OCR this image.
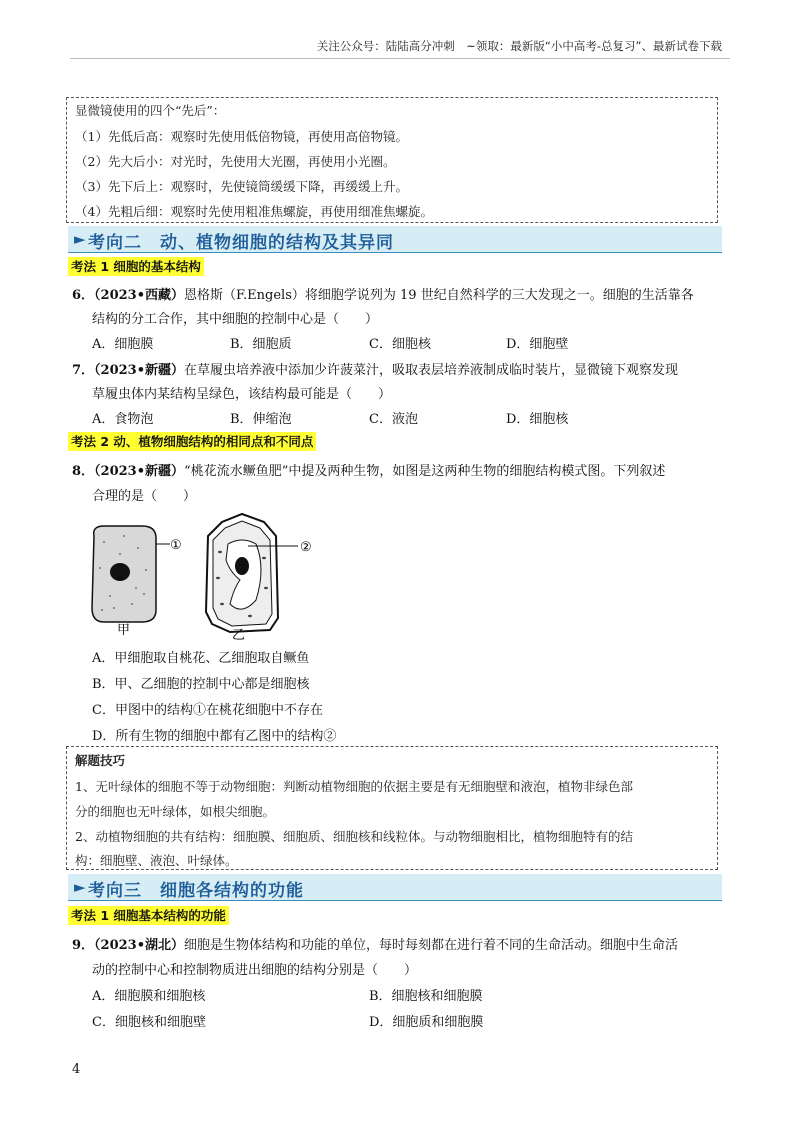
关注公众号：陆陆高分冲刺　~领取：最新版“小中高考-总复习”、最新试卷下载
显微镜使用的四个“先后”：
（1）先低后高：观察时先使用低倍物镜，再使用高倍物镜。
（2）先大后小：对光时，先使用大光圈，再使用小光圈。
（3）先下后上：观察时，先使镜筒缓缓下降，再缓缓上升。
（4）先粗后细：观察时先使用粗准焦螺旋，再使用细准焦螺旋。
► 考向二　动、植物细胞的结构及其异同
考法 1 细胞的基本结构
6．（2023•西藏）恩格斯（F.Engels）将细胞学说列为 19 世纪自然科学的三大发现之一。细胞的生活靠各
结构的分工合作，其中细胞的控制中心是（　　）
A．细胞膜	B．细胞质	C．细胞核	D．细胞壁
7．（2023•新疆）在草履虫培养液中添加少许菠菜汁，吸取表层培养液制成临时装片，显微镜下观察发现
草履虫体内某结构呈绿色，该结构最可能是（　　）
A．食物泡	B．伸缩泡	C．液泡	D．细胞核
考法 2 动、植物细胞结构的相同点和不同点
8．（2023•新疆）“桃花流水鳜鱼肥”中提及两种生物，如图是这两种生物的细胞结构模式图。下列叙述
合理的是（　　）
①	②
甲	乙
A．甲细胞取自桃花、乙细胞取自鳜鱼
B．甲、乙细胞的控制中心都是细胞核
C．甲图中的结构①在桃花细胞中不存在
D．所有生物的细胞中都有乙图中的结构②
解题技巧
1、无叶绿体的细胞不等于动物细胞：判断动植物细胞的依据主要是有无细胞壁和液泡，植物非绿色部
分的细胞也无叶绿体，如根尖细胞。
2、动植物细胞的共有结构：细胞膜、细胞质、细胞核和线粒体。与动物细胞相比，植物细胞特有的结
构：细胞壁、液泡、叶绿体。
► 考向三　细胞各结构的功能
考法 1 细胞基本结构的功能
9．（2023•湖北）细胞是生物体结构和功能的单位，每时每刻都在进行着不同的生命活动。细胞中生命活
动的控制中心和控制物质进出细胞的结构分别是（　　）
A．细胞膜和细胞核	B．细胞核和细胞膜
C．细胞核和细胞壁	D．细胞质和细胞膜
4
